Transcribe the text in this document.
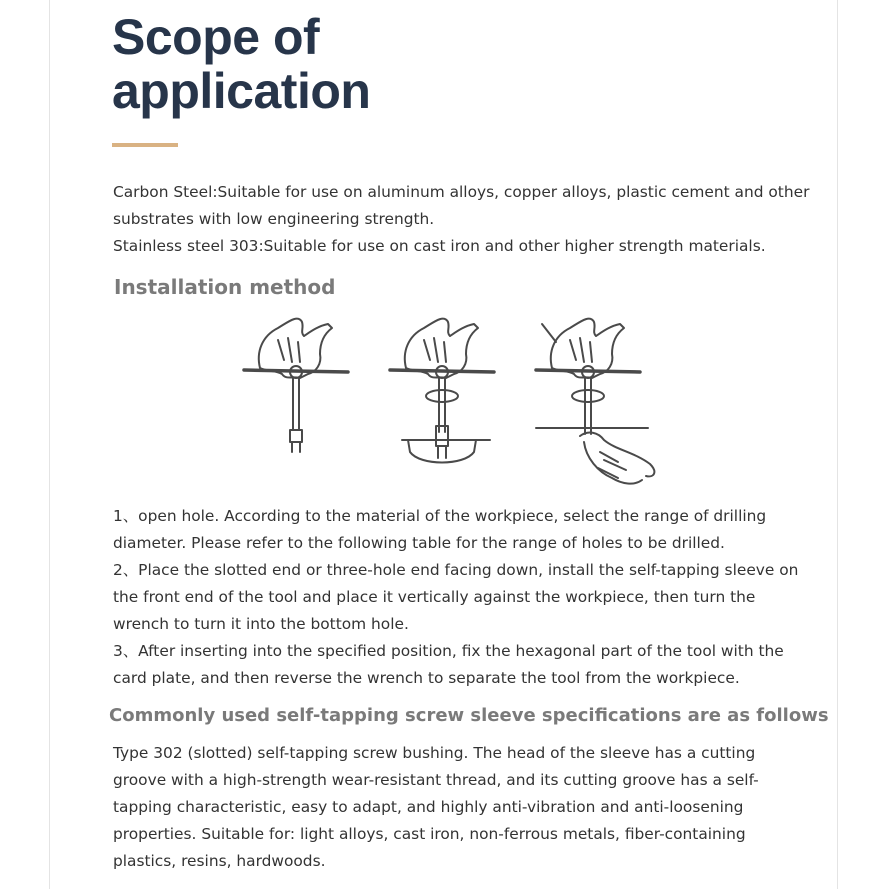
Scope of application

Carbon Steel:Suitable for use on aluminum alloys, copper alloys, plastic cement and other substrates with low engineering strength.

Stainless steel 303:Suitable for use on cast iron and other higher strength materials.

Installation method

1、open hole. According to the material of the workpiece, select the range of drilling diameter. Please refer to the following table for the range of holes to be drilled.

2、Place the slotted end or three-hole end facing down, install the self-tapping sleeve on the front end of the tool and place it vertically against the workpiece, then turn the wrench to turn it into the bottom hole.

3、After inserting into the specified position, fix the hexagonal part of the tool with the card plate, and then reverse the wrench to separate the tool from the workpiece.

Commonly used self-tapping screw sleeve specifications are as follows

Type 302 (slotted) self-tapping screw bushing. The head of the sleeve has a cutting groove with a high-strength wear-resistant thread, and its cutting groove has a self-tapping characteristic, easy to adapt, and highly anti-vibration and anti-loosening properties. Suitable for: light alloys, cast iron, non-ferrous metals, fiber-containing plastics, resins, hardwoods.
